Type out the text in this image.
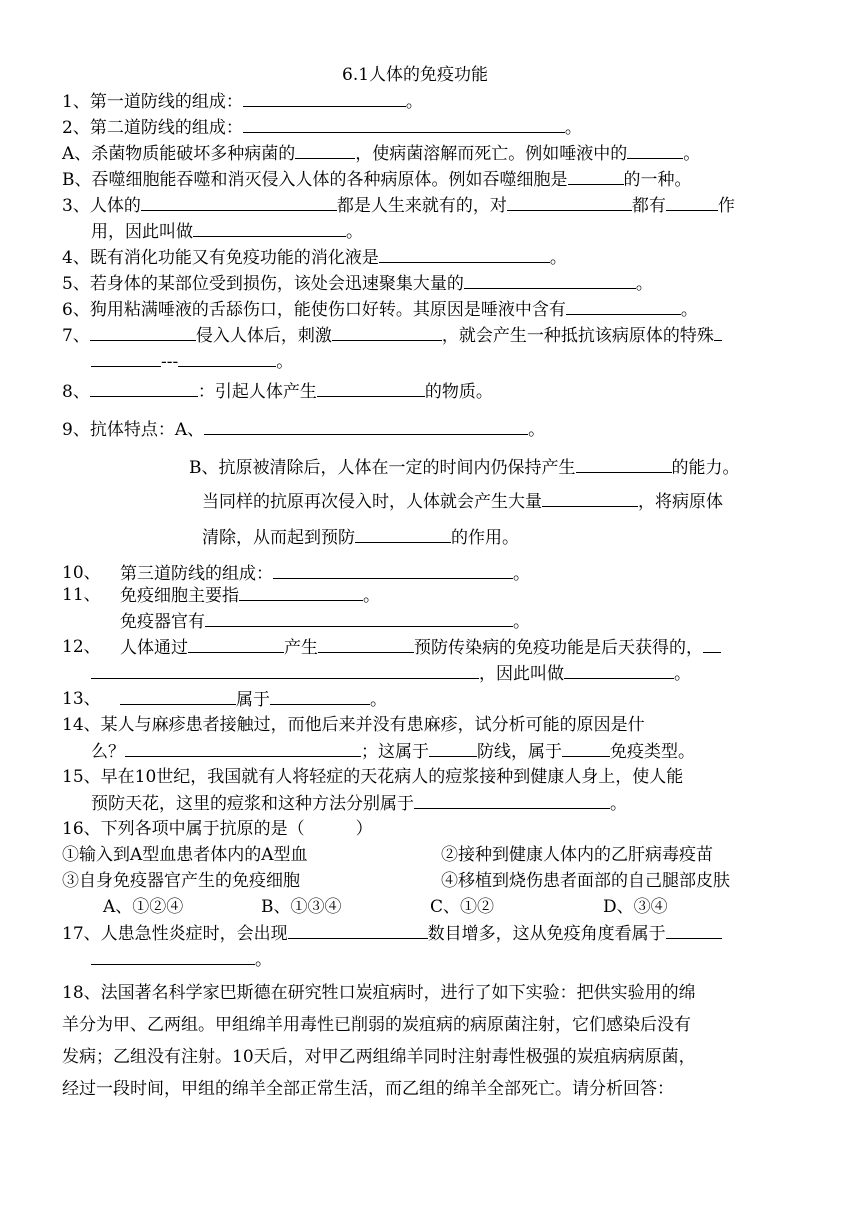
6.1人体的免疫功能
1、第一道防线的组成：	。
2、第二道防线的组成：	。
A、杀菌物质能破坏多种病菌的	，使病菌溶解而死亡。例如唾液中的	。
B、吞噬细胞能吞噬和消灭侵入人体的各种病原体。例如吞噬细胞是	的一种。
3、人体的	都是人生来就有的，对	都有	作
用，因此叫做	。
4、既有消化功能又有免疫功能的消化液是	。
5、若身体的某部位受到损伤，该处会迅速聚集大量的	。
6、狗用粘满唾液的舌舔伤口，能使伤口好转。其原因是唾液中含有	。
7、	侵入人体后，刺激	，就会产生一种抵抗该病原体的特殊
---	。
8、	：引起人体产生	的物质。
9、抗体特点：A、	。
B、抗原被清除后，人体在一定的时间内仍保持产生	的能力。
当同样的抗原再次侵入时，人体就会产生大量	，将病原体
清除，从而起到预防	的作用。
10、 第三道防线的组成：	。
11、 免疫细胞主要指	。
免疫器官有	。
12、 人体通过	产生	预防传染病的免疫功能是后天获得的，
，因此叫做	。
13、	属于	。
14、某人与麻疹患者接触过，而他后来并没有患麻疹，试分析可能的原因是什
么？	；这属于	防线，属于	免疫类型。
15、早在10世纪，我国就有人将轻症的天花病人的痘浆接种到健康人身上，使人能
预防天花，这里的痘浆和这种方法分别属于	。
16、下列各项中属于抗原的是（　　　）
①输入到A型血患者体内的A型血	②接种到健康人体内的乙肝病毒疫苗
③自身免疫器官产生的免疫细胞	④移植到烧伤患者面部的自己腿部皮肤
A、①②④	B、①③④	C、①②	D、③④
17、人患急性炎症时，会出现	数目增多，这从免疫角度看属于
。
18、法国著名科学家巴斯德在研究牲口炭疽病时，进行了如下实验：把供实验用的绵
羊分为甲、乙两组。甲组绵羊用毒性已削弱的炭疽病的病原菌注射，它们感染后没有
发病；乙组没有注射。10天后，对甲乙两组绵羊同时注射毒性极强的炭疽病病原菌，
经过一段时间，甲组的绵羊全部正常生活，而乙组的绵羊全部死亡。请分析回答：
